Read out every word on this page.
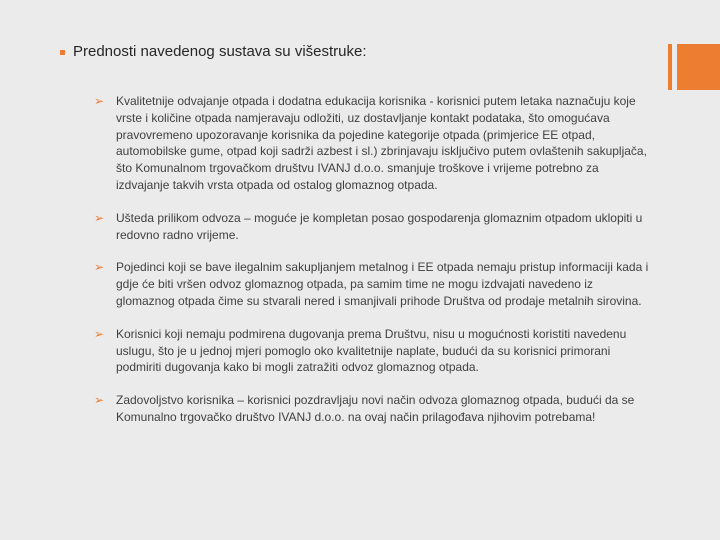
Prednosti navedenog sustava su višestruke:
➢ Kvalitetnije odvajanje otpada i dodatna edukacija korisnika - korisnici putem letaka naznačuju koje vrste i količine otpada namjeravaju odložiti, uz dostavljanje kontakt podataka, što omogućava pravovremeno upozoravanje korisnika da pojedine kategorije otpada (primjerice EE otpad, automobilske gume, otpad koji sadrži azbest i sl.) zbrinjavaju isključivo putem ovlaštenih sakupljača, što Komunalnom trgovačkom društvu IVANJ d.o.o. smanjuje troškove i vrijeme potrebno za izdvajanje takvih vrsta otpada od ostalog glomaznog otpada.
➢ Ušteda prilikom odvoza – moguće je kompletan posao gospodarenja glomaznim otpadom uklopiti u redovno radno vrijeme.
➢ Pojedinci koji se bave ilegalnim sakupljanjem metalnog i EE otpada nemaju pristup informaciji kada i gdje će biti vršen odvoz glomaznog otpada, pa samim time ne mogu izdvajati navedeno iz glomaznog otpada čime su stvarali nered i smanjivali prihode Društva od prodaje metalnih sirovina.
➢ Korisnici koji nemaju podmirena dugovanja prema Društvu, nisu u mogućnosti koristiti navedenu uslugu, što je u jednoj mjeri pomoglo oko kvalitetnije naplate, budući da su korisnici primorani podmiriti dugovanja kako bi mogli zatražiti odvoz glomaznog otpada.
➢ Zadovoljstvo korisnika – korisnici pozdravljaju novi način odvoza glomaznog otpada, budući da se Komunalno trgovačko društvo IVANJ d.o.o. na ovaj način prilagođava njihovim potrebama!
